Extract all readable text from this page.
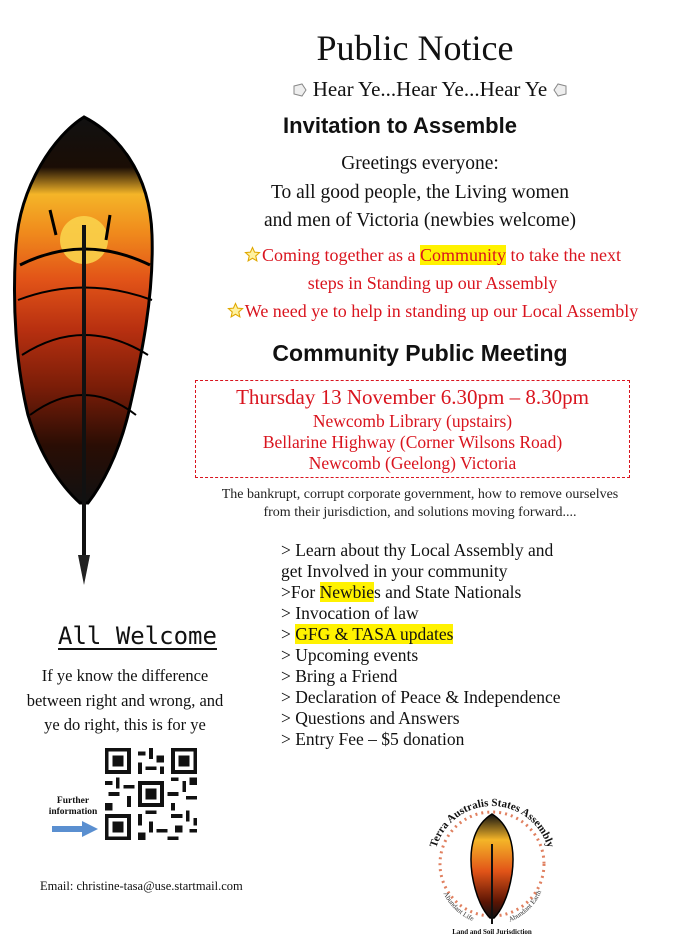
Public Notice
Hear Ye...Hear Ye...Hear Ye
Invitation to Assemble
Greetings everyone:
To all good people, the Living women
and men of Victoria (newbies welcome)
Coming together as a Community to take the next
steps in Standing up our Assembly
We need ye to help in standing up our Local Assembly
Community Public Meeting
Thursday 13 November 6.30pm – 8.30pm
Newcomb Library (upstairs)
Bellarine Highway (Corner Wilsons Road)
Newcomb (Geelong) Victoria
The bankrupt, corrupt corporate government, how to remove ourselves
from their jurisdiction, and solutions moving forward....
> Learn about thy Local Assembly and
get Involved in your community
>For Newbies and State Nationals
> Invocation of law
> GFG & TASA updates
> Upcoming events
> Bring a Friend
> Declaration of Peace & Independence
> Questions and Answers
> Entry Fee – $5 donation
All Welcome
If ye know the difference
between right and wrong, and
ye do right, this is for ye
Further
information
Email: christine-tasa@use.startmail.com
Terra Australis States Assembly
Abundant Life	Abundant Earth
Land and Soil Jurisdiction
